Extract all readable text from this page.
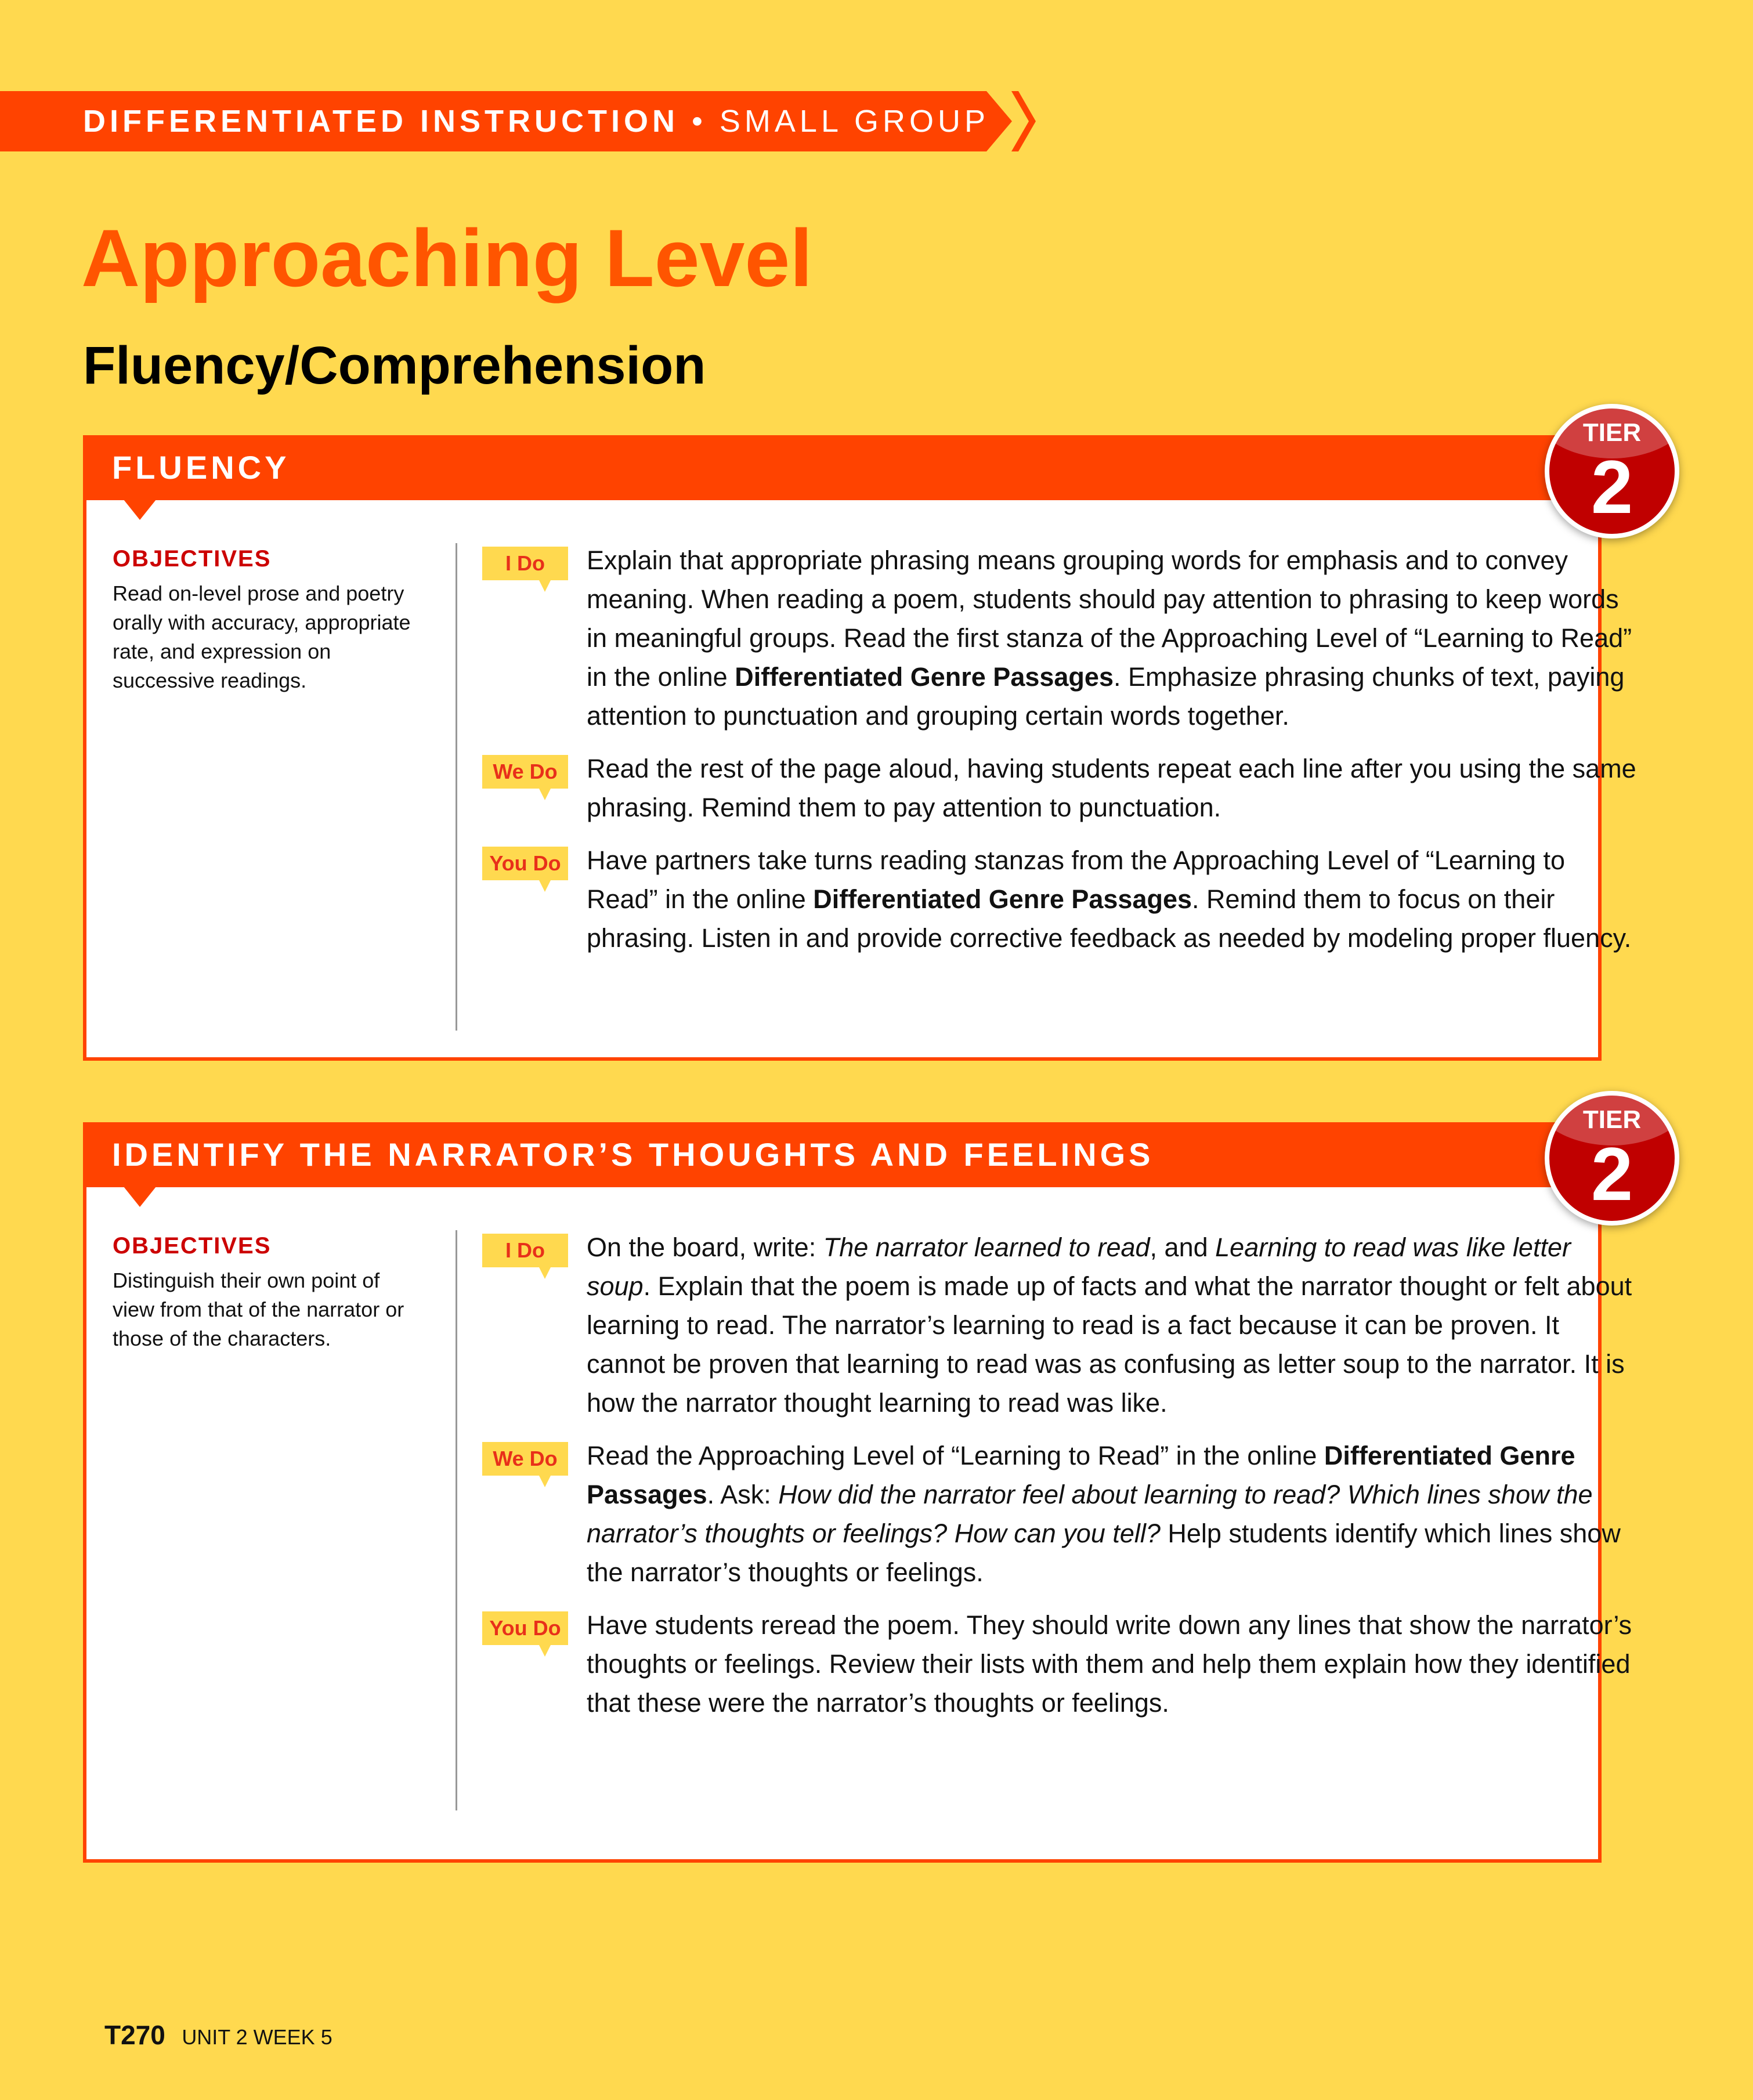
DIFFERENTIATED INSTRUCTION • SMALL GROUP
Approaching Level
Fluency/Comprehension
FLUENCY
TIER
2
OBJECTIVES
Read on-level prose and poetry orally with accuracy, appropriate rate, and expression on successive readings.
I Do	Explain that appropriate phrasing means grouping words for emphasis and to convey meaning. When reading a poem, students should pay attention to phrasing to keep words in meaningful groups. Read the first stanza of the Approaching Level of “Learning to Read” in the online Differentiated Genre Passages. Emphasize phrasing chunks of text, paying attention to punctuation and grouping certain words together.
We Do	Read the rest of the page aloud, having students repeat each line after you using the same phrasing. Remind them to pay attention to punctuation.
You Do Have partners take turns reading stanzas from the Approaching Level of “Learning to Read” in the online Differentiated Genre Passages. Remind them to focus on their phrasing. Listen in and provide corrective feedback as needed by modeling proper fluency.
IDENTIFY THE NARRATOR’S THOUGHTS AND FEELINGS
TIER
2
OBJECTIVES
Distinguish their own point of view from that of the narrator or those of the characters.
I Do	On the board, write: The narrator learned to read, and Learning to read was like letter soup. Explain that the poem is made up of facts and what the narrator thought or felt about learning to read. The narrator’s learning to read is a fact because it can be proven. It cannot be proven that learning to read was as confusing as letter soup to the narrator. It is how the narrator thought learning to read was like.
We Do	Read the Approaching Level of “Learning to Read” in the online Differentiated Genre Passages. Ask: How did the narrator feel about learning to read? Which lines show the narrator’s thoughts or feelings? How can you tell? Help students identify which lines show the narrator’s thoughts or feelings.
You Do Have students reread the poem. They should write down any lines that show the narrator’s thoughts or feelings. Review their lists with them and help them explain how they identified that these were the narrator’s thoughts or feelings.
T270 UNIT 2 WEEK 5
